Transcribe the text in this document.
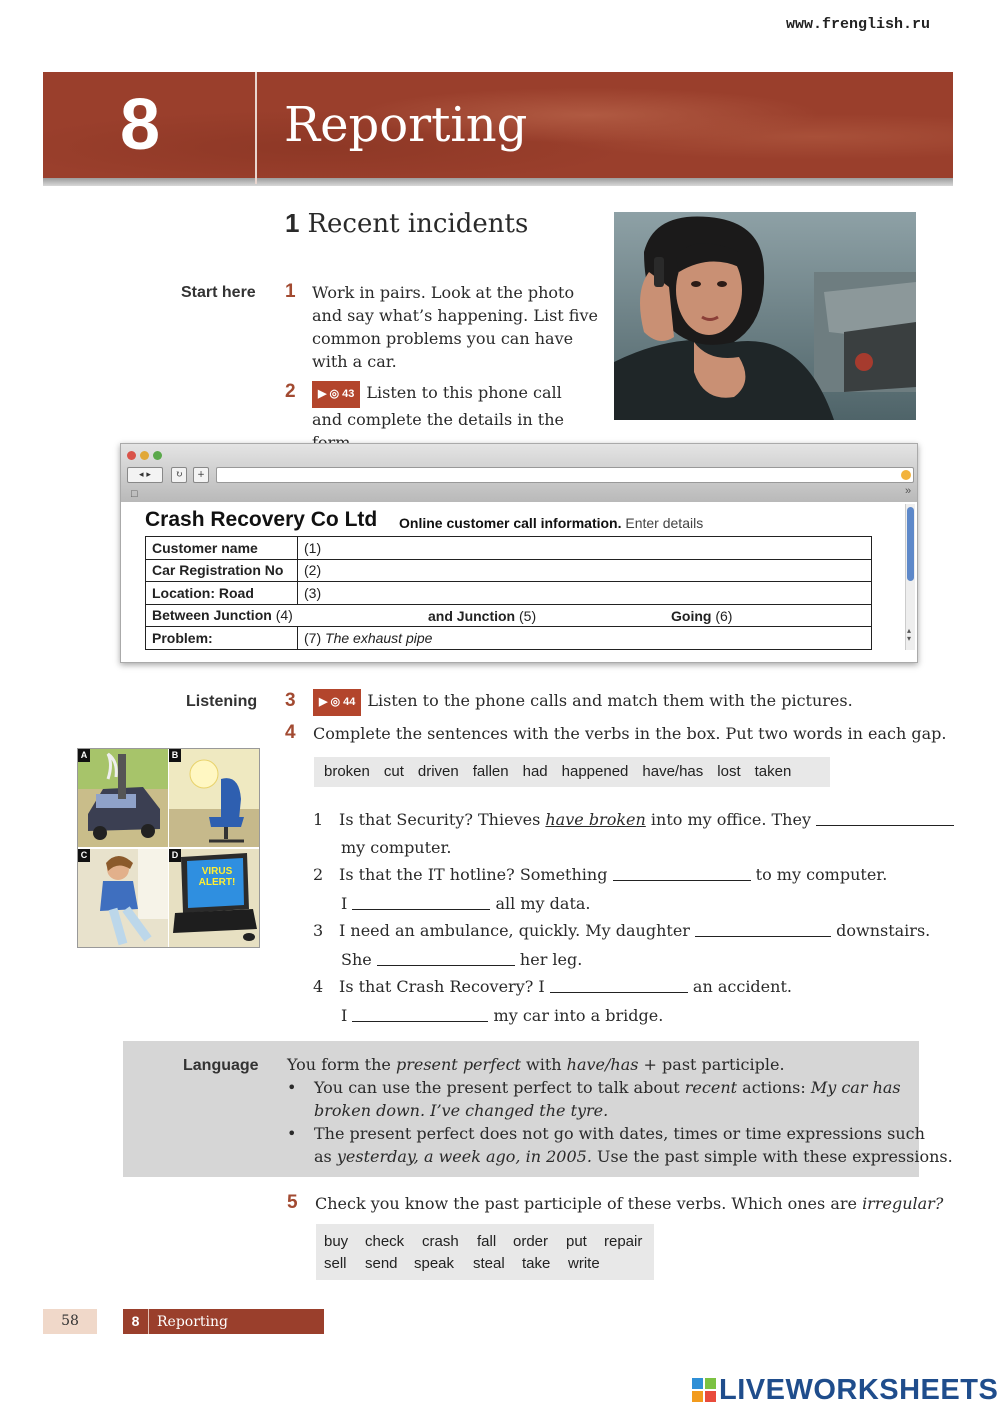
www.frenglish.ru
8	Reporting
1 Recent incidents
Start here 1 Work in pairs. Look at the photo
and say what’s happening. List five
common problems you can have
with a car.
2	▶ ◎ 43 Listen to this phone call
and complete the details in the
◂ ▸	↻	+
□	»
▴
▾
Crash Recovery Co Ltd Online customer call information. Enter details
Customer name	(1)
Car Registration No	(2)
Location: Road	(3)
Between Junction (4) and Junction (5) Going (6)	

Problem:	(7) The exhaust pipe
Listening 3	▶ ◎ 44 Listen to the phone calls and match them with the pictures.
4 Complete the sentences with the verbs in the box. Put two words in each gap.
A	B
C
VIRUS ALERT!
D
broken cut driven fallen had happened have/has lost taken
1 Is that Security? Thieves have broken into my office. They
my computer.
2 Is that the IT hotline? Something	to my computer.
I	all my data.
3 I need an ambulance, quickly. My daughter	downstairs.
She	her leg.
4 Is that Crash Recovery? I	an accident.
I	my car into a bridge.
Language You form the present perfect with have/has + past participle.
• You can use the present perfect to talk about recent actions: My car has
broken down. I’ve changed the tyre.
• The present perfect does not go with dates, times or time expressions such
as yesterday, a week ago, in 2005. Use the past simple with these expressions.
5 Check you know the past participle of these verbs. Which ones are irregular?
buy check crash fall order put repair
sell send speak steal take write
58	8 Reporting
LIVEWORKSHEETS
